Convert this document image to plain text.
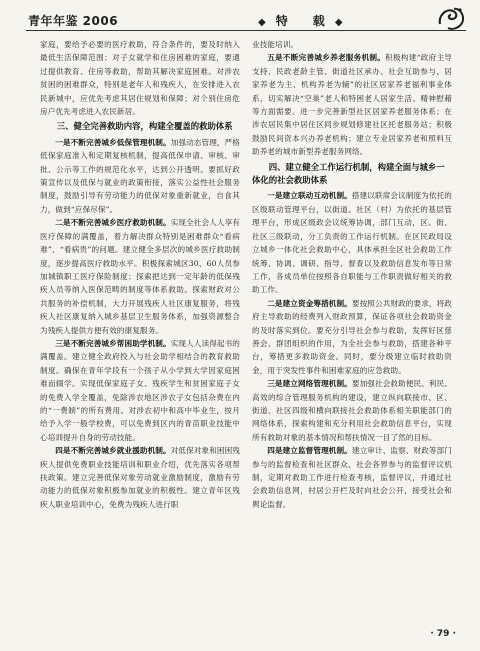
青年年鉴 2006	◆ 特 载 ◆

家庭，要给予必要的医疗救助，符合条件的，要及时纳入最低生活保障范围；对子女就学和住房困难的家庭，要通过提供教育、住房等救助，帮助其解决家庭困难。对涉农贫困的困难群众，特别是老年人和残疾人，在安排进入农民新城中，应优先考虑其居住规划和保障；对个别住房危房户优先考虑进入农民新居。

三、健全完善救助内容，构建全覆盖的救助体系

一是不断完善城乡低保管理机制。加强动态管理，严格低保家庭准入和定期复核机制，提高低保申请、审核、审批、公示等工作的规范化水平，达到公开透明。要抓好政策宣传以及低保与就业的政策衔接，落实公益性社会服务制度，鼓励引导有劳动能力的低保对象重新就业，自食其力，做到“应保尽保”。

二是不断完善城乡医疗救助机制。实现全社会人人享有医疗保障的满覆盖，着力解决群众特别是困难群众“看病难”、“看病贵”的问题。建立健全多层次的城乡医疗救助制度，逐步提高医疗救助水平。积极探索城区30、60人员参加城镇职工医疗保险制度；探索把达到一定年龄的低保残疾人员等纳入医保范畴的制度等体系救助。探索财政对公共服务的补偿机制，大力开展残疾人社区康复服务，将残疾人社区康复纳入城乡基层卫生服务体系，加强资源整合为残疾人提供方便有效的康复服务。

三是不断完善城乡帮困助学机制。实现人人读得起书的满覆盖。建立健全政府投入与社会助学相结合的教育救助制度。确保在青年学段有一个孩子从小学到大学因家庭困难而辍学。实现低保家庭子女、残疾学生和贫困家庭子女的免费入学全覆盖，免除涉农地区涉农子女包括杂费在内的“一费制”的所有费用。对涉农初中和高中毕业生，按月给予入学一般学校费，可以免费到区内的青苗职业技能中心培训提升自身的劳动技能。

四是不断完善城乡就业援助机制。对低保对象和困困残疾人提供免费职业技能培训和职业介绍，优先落实各项帮扶政策。建立完善低保对象劳动就业激励制度，激励有劳动能力的低保对象积极参加就业的积极性。建立青年区残疾人职业培训中心，免费为残疾人进行职

业技能培训。

五是不断完善城乡养老服务机制。积极构建“政府主导支持、民政老龄主管、街道社区承办、社会互助参与、居家养老为主、机构养老为辅”的社区居家养老福利事业体系，切实解决“空巢”老人和特困老人居家生活、精神慰藉等方面需要。进一步完善新型社区居家养老服务体系；在涉农居民集中居住区同步规划修建社区托老服务站；积极鼓励民间资本兴办养老机构；建立专业居家养老和照料互助养老的城市新型养老服务网络。

四、建立健全工作运行机制，构建全面与城乡一体化的社会救助体系

一是建立联动互动机制。搭建以联席会议制度为依托的区级联动管理平台，以街道、社区（村）为依托的基层管理平台，形成区级政会议统筹协调，部门互动，区、街、社区三级联动，分工负责的工作运行机制。在区民政局设立城乡一体化社会救助中心，具体承担全区社会救助工作统筹、协调、调研、指导、督查以及救助信息发布等日常工作，各成员单位按照各自职能与工作职责做好相关的救助工作。

二是建立资金筹措机制。要按照公共财政的要求，将政府主导救助的经费列入财政预算，保证各项社会救助资金的及时落实到位。要充分引导社会参与救助，发挥好区慈善会、群团组织的作用，为全社会参与救助，搭建各种平台，筹措更多救助资金。同时，要分级建立临时救助资金，用于突发性事件和困难家庭的应急救助。

三是建立网络管理机制。要加强社会救助便民、利民、高效的综合管理服务机构的建设，建立纵向联接市、区、街道、社区四级和横向联接社会救助体系相关职能部门的网络体系，探索构建和充分利用社会救助信息平台，实现所有救助对象的基本情况和帮扶情况一目了然的目标。

四是建立监督管理机制。建立审计、监察、财政等部门参与的监督检查和社区群众、社会各界参与的监督评议机制，定期对救助工作进行检查考核，监督评议，并通过社会救助信息网，村居公开栏及时向社会公开，接受社会和舆论监督。

· 79 ·
